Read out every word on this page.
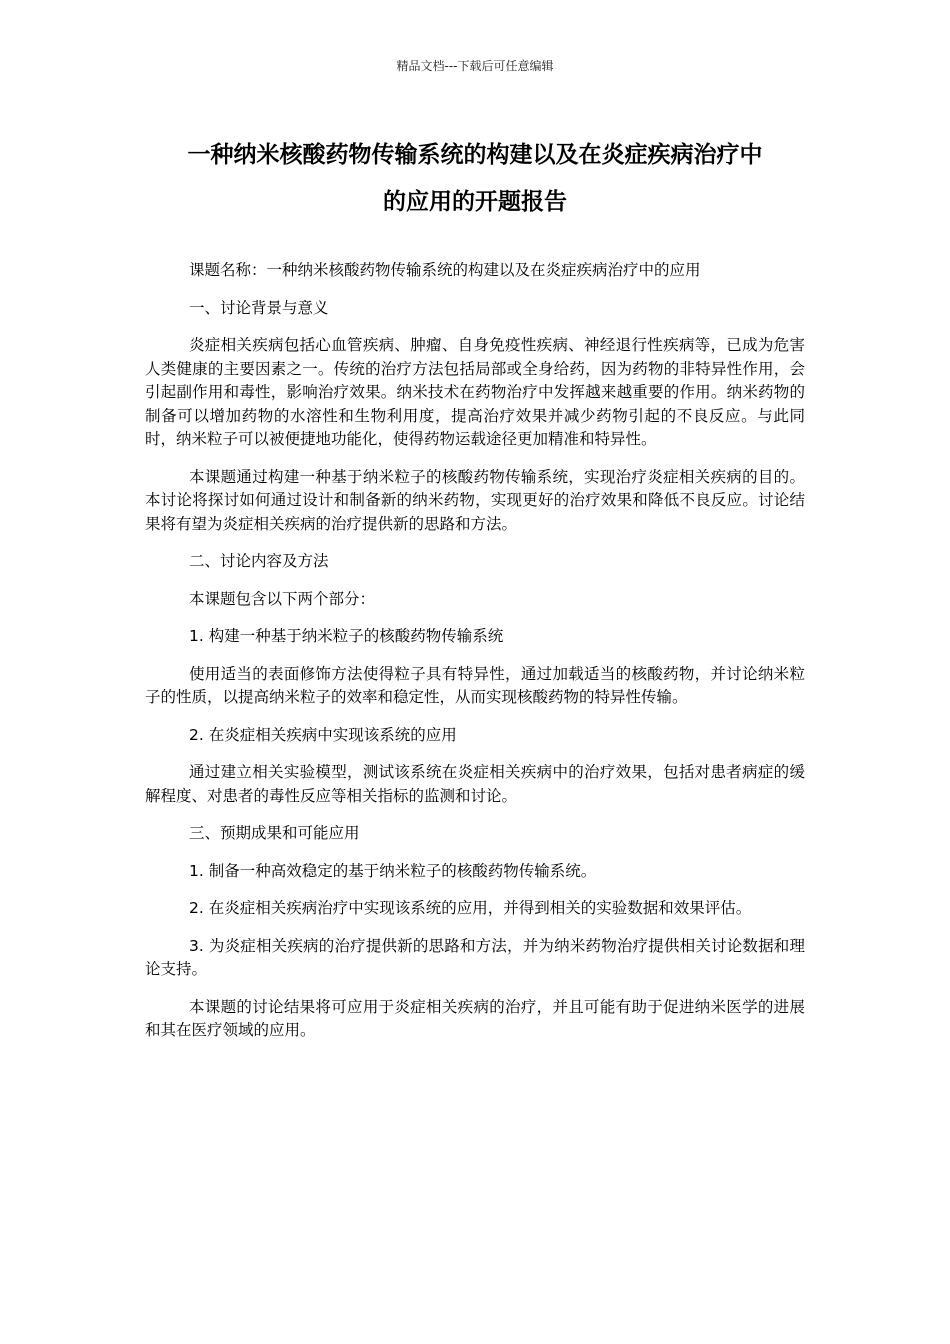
精品文档---下载后可任意编辑
一种纳米核酸药物传输系统的构建以及在炎症疾病治疗中
的应用的开题报告

课题名称：一种纳米核酸药物传输系统的构建以及在炎症疾病治疗中的应用

一、讨论背景与意义

炎症相关疾病包括心血管疾病、肿瘤、自身免疫性疾病、神经退行性疾病等，已成为危害人类健康的主要因素之一。传统的治疗方法包括局部或全身给药，因为药物的非特异性作用，会引起副作用和毒性，影响治疗效果。纳米技术在药物治疗中发挥越来越重要的作用。纳米药物的制备可以增加药物的水溶性和生物利用度，提高治疗效果并减少药物引起的不良反应。与此同时，纳米粒子可以被便捷地功能化，使得药物运载途径更加精准和特异性。

本课题通过构建一种基于纳米粒子的核酸药物传输系统，实现治疗炎症相关疾病的目的。本讨论将探讨如何通过设计和制备新的纳米药物，实现更好的治疗效果和降低不良反应。讨论结果将有望为炎症相关疾病的治疗提供新的思路和方法。

二、讨论内容及方法

本课题包含以下两个部分：

1. 构建一种基于纳米粒子的核酸药物传输系统

使用适当的表面修饰方法使得粒子具有特异性，通过加载适当的核酸药物，并讨论纳米粒子的性质，以提高纳米粒子的效率和稳定性，从而实现核酸药物的特异性传输。

2. 在炎症相关疾病中实现该系统的应用

通过建立相关实验模型，测试该系统在炎症相关疾病中的治疗效果，包括对患者病症的缓解程度、对患者的毒性反应等相关指标的监测和讨论。

三、预期成果和可能应用

1. 制备一种高效稳定的基于纳米粒子的核酸药物传输系统。

2. 在炎症相关疾病治疗中实现该系统的应用，并得到相关的实验数据和效果评估。

3. 为炎症相关疾病的治疗提供新的思路和方法，并为纳米药物治疗提供相关讨论数据和理论支持。

本课题的讨论结果将可应用于炎症相关疾病的治疗，并且可能有助于促进纳米医学的进展和其在医疗领域的应用。
